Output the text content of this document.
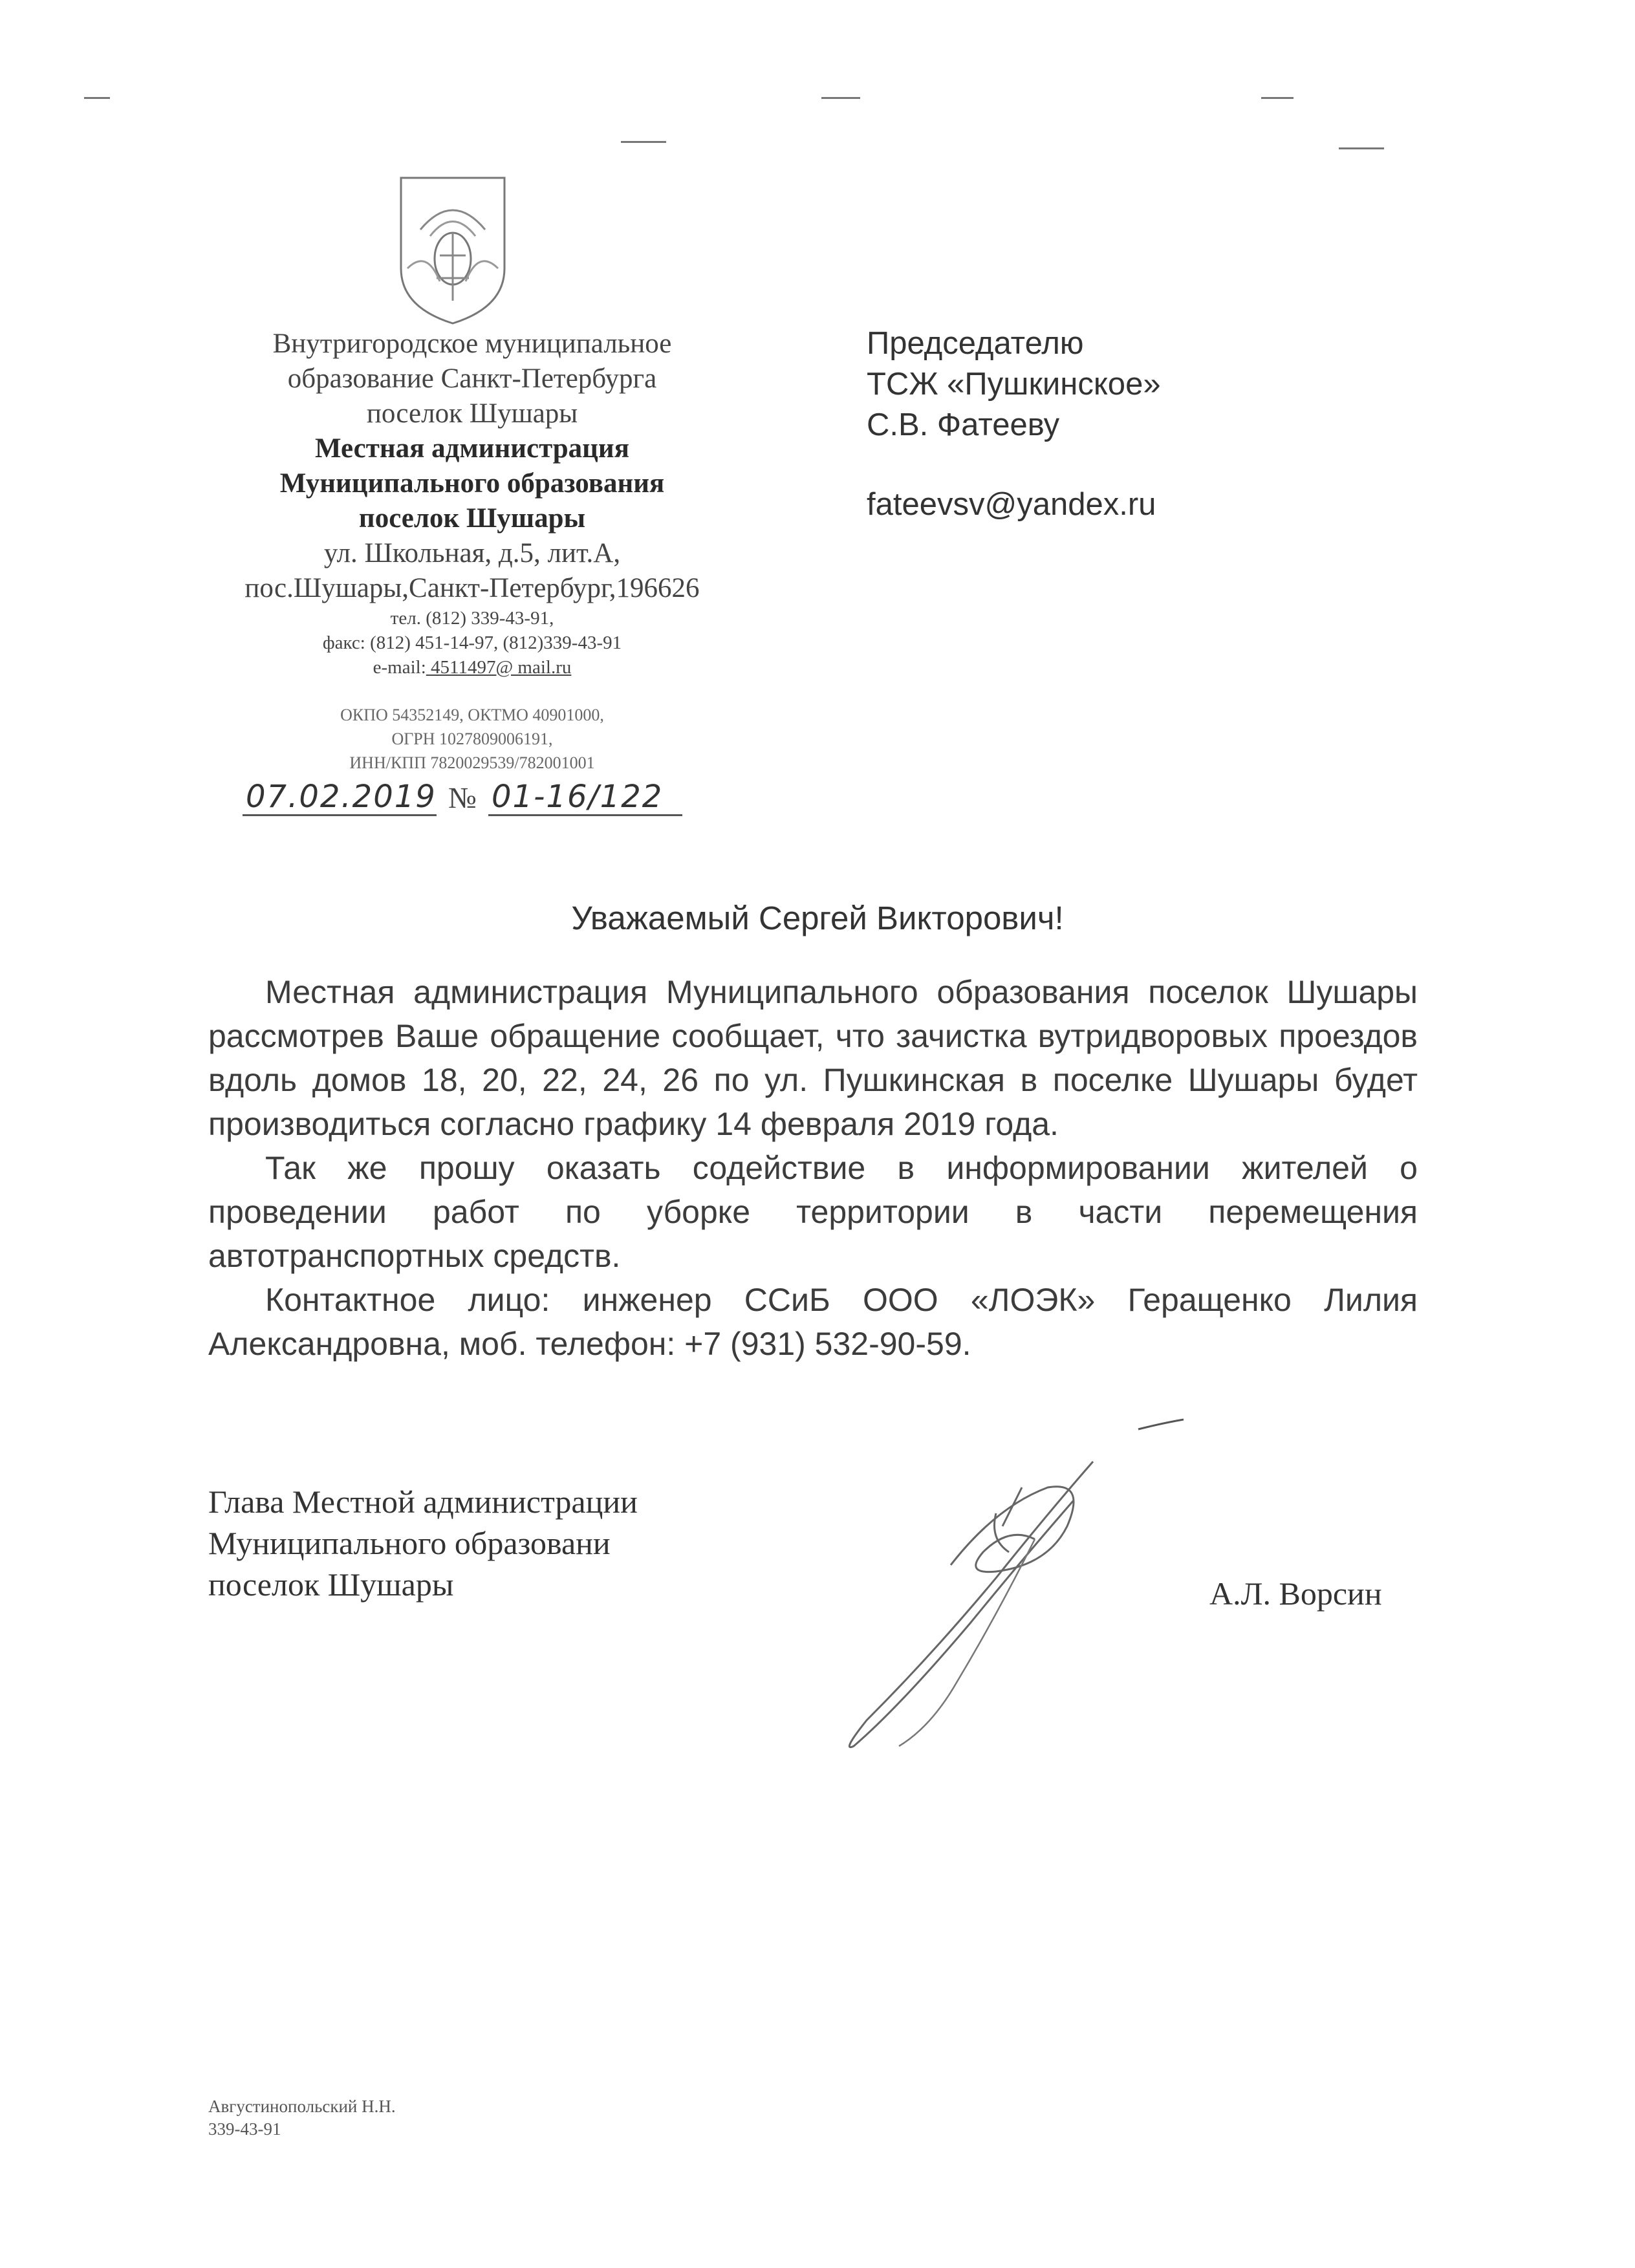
Внутригородское муниципальное
образование Санкт-Петербурга
поселок Шушары
Местная администрация
Муниципального образования
поселок Шушары
ул. Школьная, д.5, лит.А,
пос.Шушары,Санкт-Петербург,196626
тел. (812) 339-43-91,
факс: (812) 451-14-97, (812)339-43-91
e-mail: 4511497@ mail.ru
ОКПО 54352149, ОКТМО 40901000,
ОГРН 1027809006191,
ИНН/КПП 7820029539/782001001
07.02.2019 № 01-16/122
Председателю
ТСЖ «Пушкинское»
С.В. Фатееву
fateevsv@yandex.ru
Уважаемый Сергей Викторович!

Местная администрация Муниципального образования поселок Шушары рассмотрев Ваше обращение сообщает, что зачистка вутридворовых проездов вдоль домов 18, 20, 22, 24, 26 по ул. Пушкинская в поселке Шушары будет производиться согласно графику 14 февраля 2019 года.

Так же прошу оказать содействие в информировании жителей о проведении работ по уборке территории в части перемещения автотранспортных средств.

Контактное лицо: инженер ССиБ ООО «ЛОЭК» Геращенко Лилия Александровна, моб. телефон: +7 (931) 532-90-59.

Глава Местной администрации
Муниципального образовани
поселок Шушары	А.Л. Ворсин
Августинопольский Н.Н.
339-43-91
